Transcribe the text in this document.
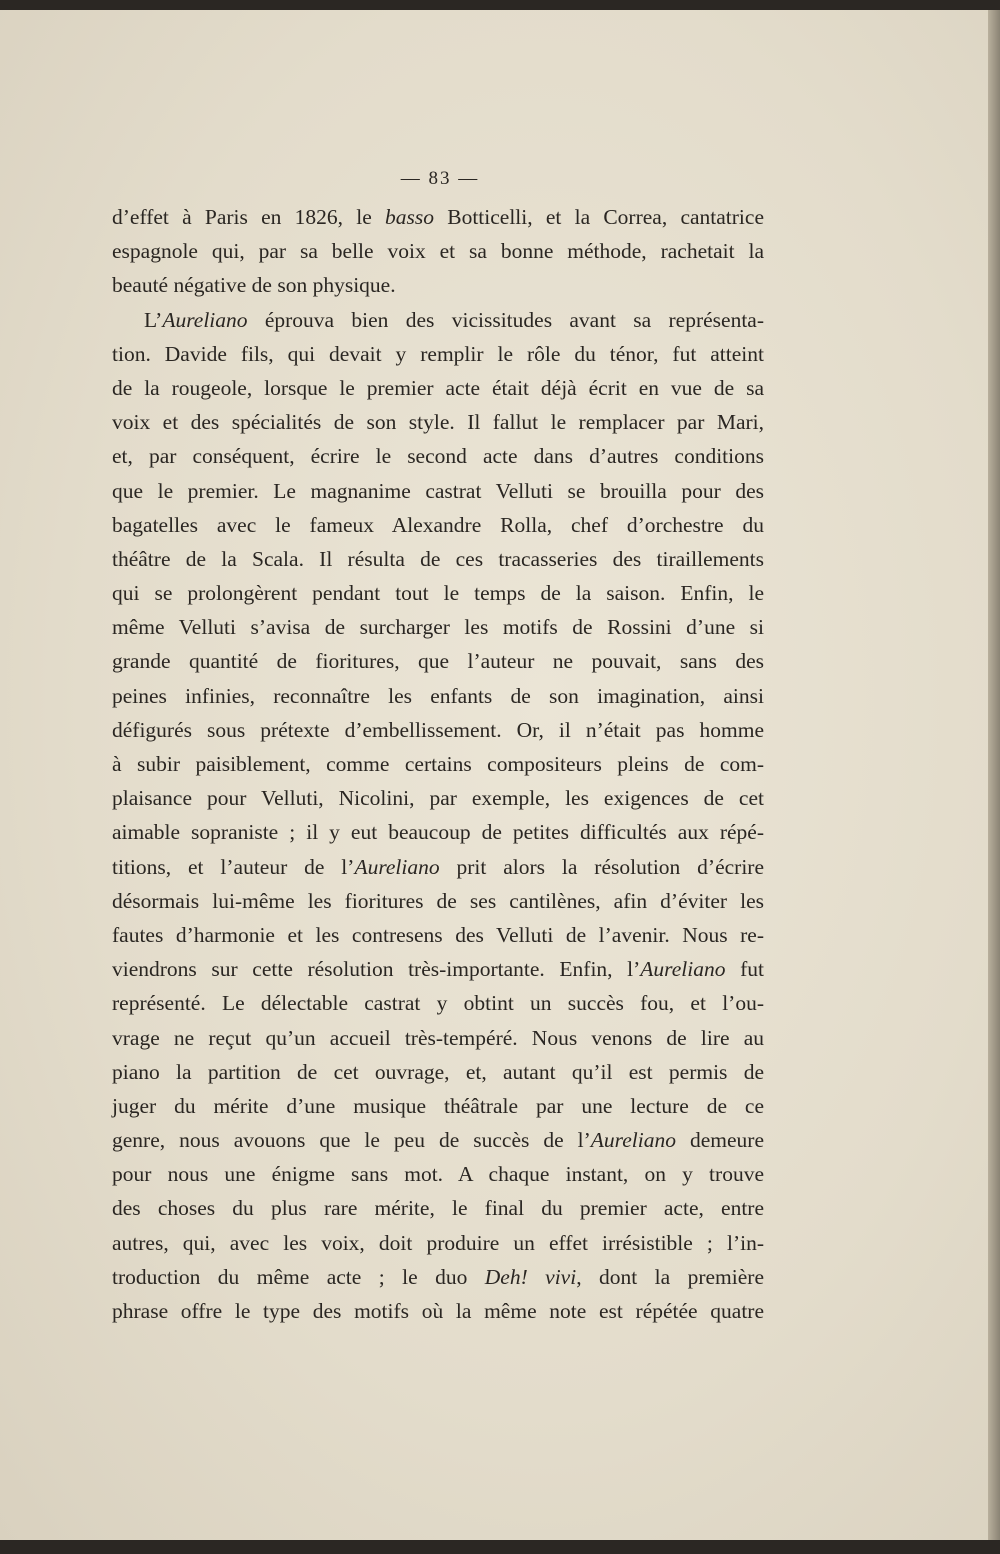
— 83 —
d’effet à Paris en 1826, le basso Botticelli, et la Correa, cantatrice
espagnole qui, par sa belle voix et sa bonne méthode, rachetait la
beauté négative de son physique.
L’Aureliano éprouva bien des vicissitudes avant sa représenta-
tion. Davide fils, qui devait y remplir le rôle du ténor, fut atteint
de la rougeole, lorsque le premier acte était déjà écrit en vue de sa
voix et des spécialités de son style. Il fallut le remplacer par Mari,
et, par conséquent, écrire le second acte dans d’autres conditions
que le premier. Le magnanime castrat Velluti se brouilla pour des
bagatelles avec le fameux Alexandre Rolla, chef d’orchestre du
théâtre de la Scala. Il résulta de ces tracasseries des tiraillements
qui se prolongèrent pendant tout le temps de la saison. Enfin, le
même Velluti s’avisa de surcharger les motifs de Rossini d’une si
grande quantité de fioritures, que l’auteur ne pouvait, sans des
peines infinies, reconnaître les enfants de son imagination, ainsi
défigurés sous prétexte d’embellissement. Or, il n’était pas homme
à subir paisiblement, comme certains compositeurs pleins de com-
plaisance pour Velluti, Nicolini, par exemple, les exigences de cet
aimable sopraniste ; il y eut beaucoup de petites difficultés aux répé-
titions, et l’auteur de l’Aureliano prit alors la résolution d’écrire
désormais lui-même les fioritures de ses cantilènes, afin d’éviter les
fautes d’harmonie et les contresens des Velluti de l’avenir. Nous re-
viendrons sur cette résolution très-importante. Enfin, l’Aureliano fut
représenté. Le délectable castrat y obtint un succès fou, et l’ou-
vrage ne reçut qu’un accueil très-tempéré. Nous venons de lire au
piano la partition de cet ouvrage, et, autant qu’il est permis de
juger du mérite d’une musique théâtrale par une lecture de ce
genre, nous avouons que le peu de succès de l’Aureliano demeure
pour nous une énigme sans mot. A chaque instant, on y trouve
des choses du plus rare mérite, le final du premier acte, entre
autres, qui, avec les voix, doit produire un effet irrésistible ; l’in-
troduction du même acte ; le duo Deh! vivi, dont la première
phrase offre le type des motifs où la même note est répétée quatre
